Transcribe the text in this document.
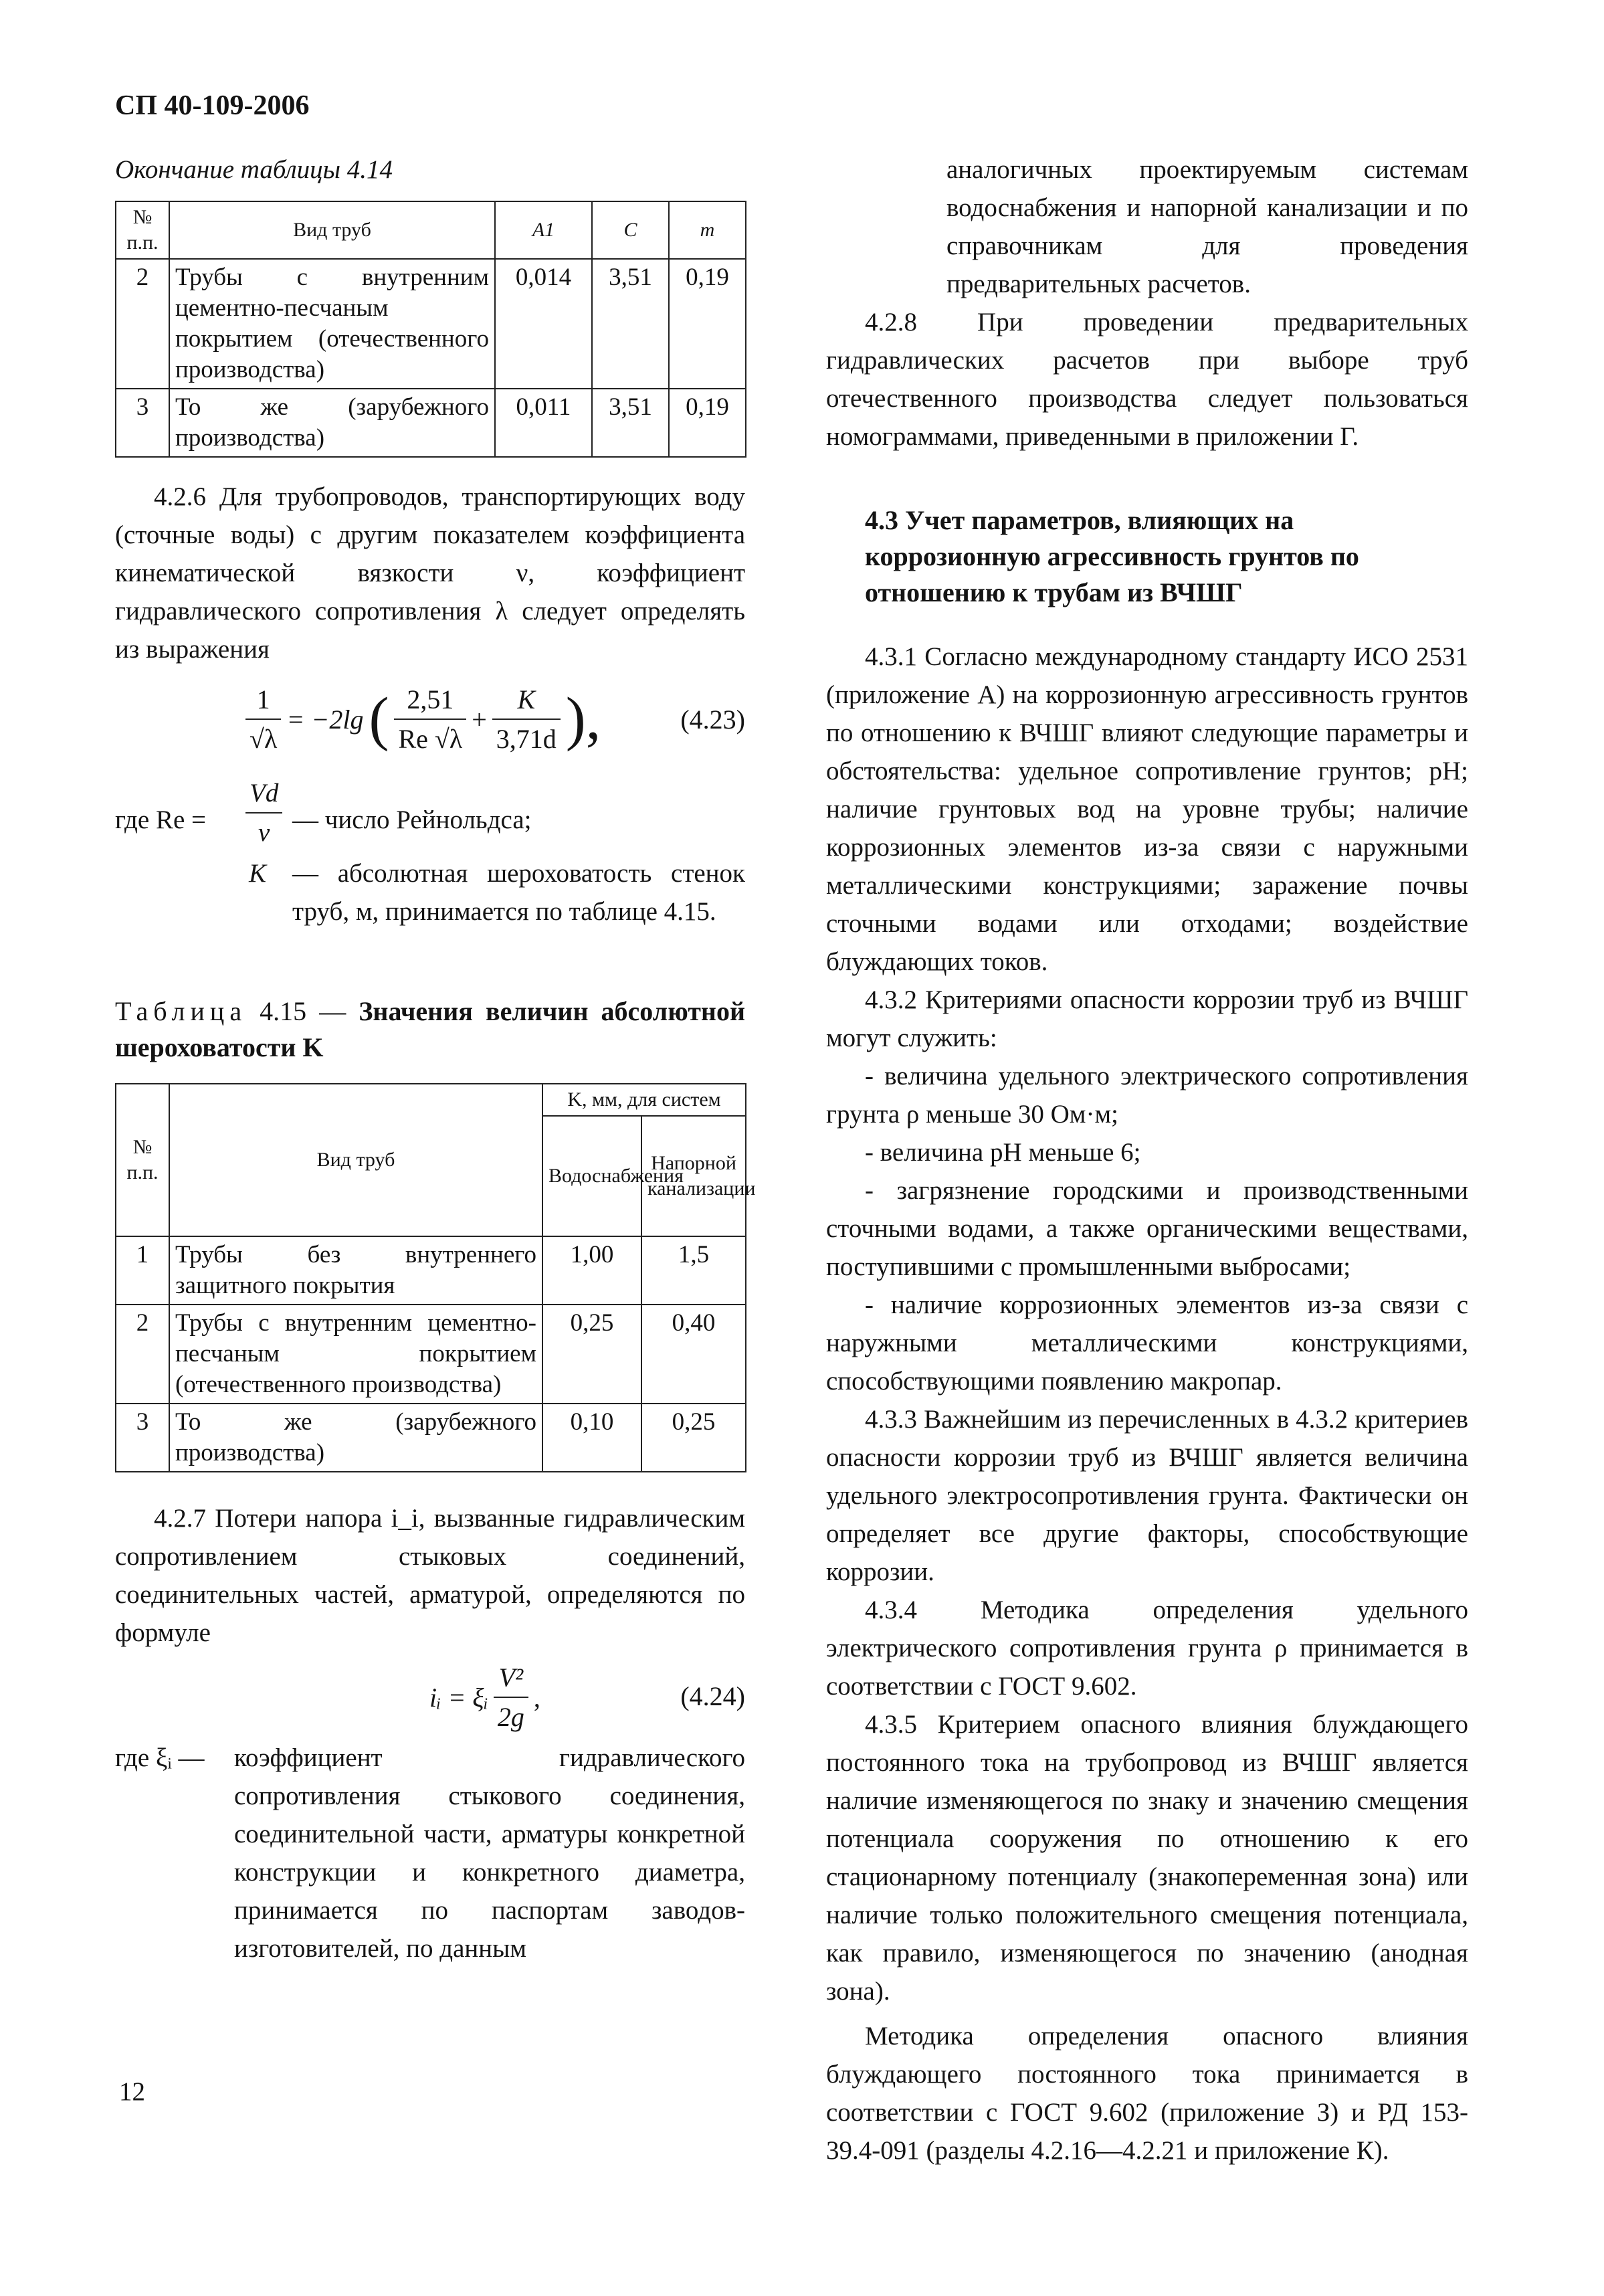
СП 40-109-2006
Окончание таблицы 4.14
№ п.п.	Вид труб	A1	C	m
2	Трубы с внутренним цементно-песчаным покрытием (отечественного производства)	0,014	3,51	0,19
3	То же (зарубежного производства)	0,011	3,51	0,19

4.2.6 Для трубопроводов, транспортирующих воду (сточные воды) с другим показателем коэффициента кинематической вязкости ν, коэффициент гидравлического сопротивления λ следует определять из выражения

$\frac{1}{√\lambda} = -2\lg$ ( $\frac{2,51}{Re √\lambda} + \frac{K}{3,71d}$ ),	(4.23)
где $Re = \frac{Vd}{\nu}$ — число Рейнольдса;
K — абсолютная шероховатость стенок труб, м, принимается по таблице 4.15.

Таблица 4.15 — Значения величин абсолютной шероховатости K

№ п.п.	Вид труб	K, мм, для систем	
		Водоснабжения	Напорной канализации
1	Трубы без внутреннего защитного покрытия	1,00	1,5
2	Трубы с внутренним цементно-песчаным покрытием (отечественного производства)	0,25	0,40
3	То же (зарубежного производства)	0,10	0,25

4.2.7 Потери напора i_i, вызванные гидравлическим сопротивлением стыковых соединений, соединительных частей, арматурой, определяются по формуле

iᵢ = ξᵢ $\frac{\text{V²}}{2g}$ ,	(4.24)
где ξᵢ — коэффициент гидравлического сопротивления стыкового соединения, соединительной части, арматуры конкретной конструкции и конкретного диаметра, принимается по паспортам заводов-изготовителей, по данным

аналогичных проектируемым системам водоснабжения и напорной канализации и по справочникам для проведения предварительных расчетов.

4.2.8 При проведении предварительных гидравлических расчетов при выборе труб отечественного производства следует пользоваться номограммами, приведенными в приложении Г.

4.3 Учет параметров, влияющих на коррозионную агрессивность грунтов по отношению к трубам из ВЧШГ

4.3.1 Согласно международному стандарту ИСО 2531 (приложение А) на коррозионную агрессивность грунтов по отношению к ВЧШГ влияют следующие параметры и обстоятельства: удельное сопротивление грунтов; pH; наличие грунтовых вод на уровне трубы; наличие коррозионных элементов из-за связи с наружными металлическими конструкциями; заражение почвы сточными водами или отходами; воздействие блуждающих токов.

4.3.2 Критериями опасности коррозии труб из ВЧШГ могут служить:

- величина удельного электрического сопротивления грунта ρ меньше 30 Ом·м;

- величина pH меньше 6;

- загрязнение городскими и производственными сточными водами, а также органическими веществами, поступившими с промышленными выбросами;

- наличие коррозионных элементов из-за связи с наружными металлическими конструкциями, способствующими появлению макропар.

4.3.3 Важнейшим из перечисленных в 4.3.2 критериев опасности коррозии труб из ВЧШГ является величина удельного электросопротивления грунта. Фактически он определяет все другие факторы, способствующие коррозии.

4.3.4 Методика определения удельного электрического сопротивления грунта ρ принимается в соответствии с ГОСТ 9.602.

4.3.5 Критерием опасного влияния блуждающего постоянного тока на трубопровод из ВЧШГ является наличие изменяющегося по знаку и значению смещения потенциала сооружения по отношению к его стационарному потенциалу (знакопеременная зона) или наличие только положительного смещения потенциала, как правило, изменяющегося по значению (анодная зона).

Методика определения опасного влияния блуждающего постоянного тока принимается в соответствии с ГОСТ 9.602 (приложение З) и РД 153-39.4-091 (разделы 4.2.16—4.2.21 и приложение К).

12
